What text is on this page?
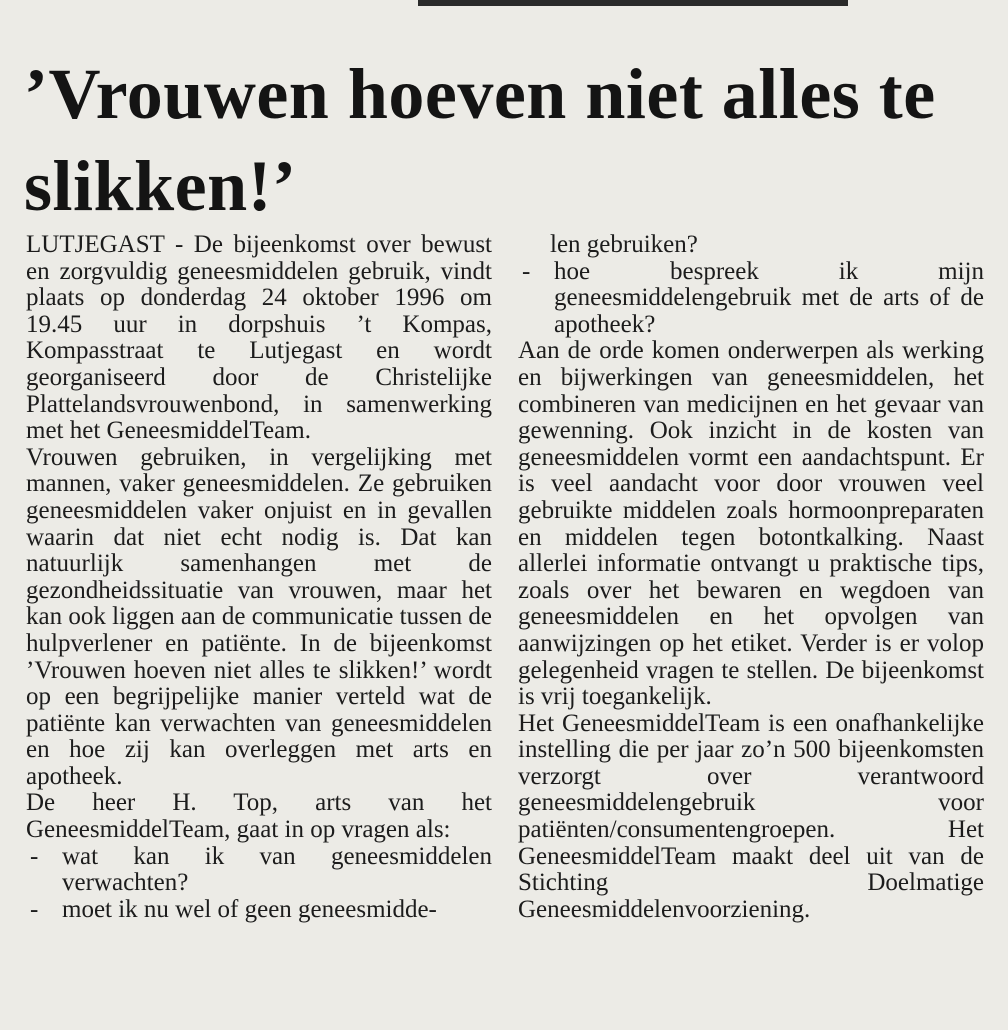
’Vrouwen hoeven niet alles te slikken!’

LUTJEGAST - De bijeenkomst over bewust en zorgvuldig geneesmiddelen gebruik, vindt plaats op donderdag 24 oktober 1996 om 19.45 uur in dorpshuis ’t Kompas, Kompasstraat te Lutjegast en wordt georganiseerd door de Christelijke Plattelandsvrouwenbond, in samenwerking met het GeneesmiddelTeam.

Vrouwen gebruiken, in vergelijking met mannen, vaker geneesmiddelen. Ze gebruiken geneesmiddelen vaker onjuist en in gevallen waarin dat niet echt nodig is. Dat kan natuurlijk samenhangen met de gezondheidssituatie van vrouwen, maar het kan ook liggen aan de communicatie tussen de hulpverlener en patiënte. In de bijeenkomst ’Vrouwen hoeven niet alles te slikken!’ wordt op een begrijpelijke manier verteld wat de patiënte kan verwachten van geneesmiddelen en hoe zij kan overleggen met arts en apotheek.

De heer H. Top, arts van het GeneesmiddelTeam, gaat in op vragen als:

- wat kan ik van geneesmiddelen verwachten?

- moet ik nu wel of geen geneesmidde-

len gebruiken?

- hoe bespreek ik mijn geneesmiddelengebruik met de arts of de apotheek?

Aan de orde komen onderwerpen als werking en bijwerkingen van geneesmiddelen, het combineren van medicijnen en het gevaar van gewenning. Ook inzicht in de kosten van geneesmiddelen vormt een aandachtspunt. Er is veel aandacht voor door vrouwen veel gebruikte middelen zoals hormoonpreparaten en middelen tegen botontkalking. Naast allerlei informatie ontvangt u praktische tips, zoals over het bewaren en wegdoen van geneesmiddelen en het opvolgen van aanwijzingen op het etiket. Verder is er volop gelegenheid vragen te stellen. De bijeenkomst is vrij toegankelijk.

Het GeneesmiddelTeam is een onafhankelijke instelling die per jaar zo’n 500 bijeenkomsten verzorgt over verantwoord geneesmiddelengebruik voor patiënten/consumentengroepen. Het GeneesmiddelTeam maakt deel uit van de Stichting Doelmatige Geneesmiddelenvoorziening.
